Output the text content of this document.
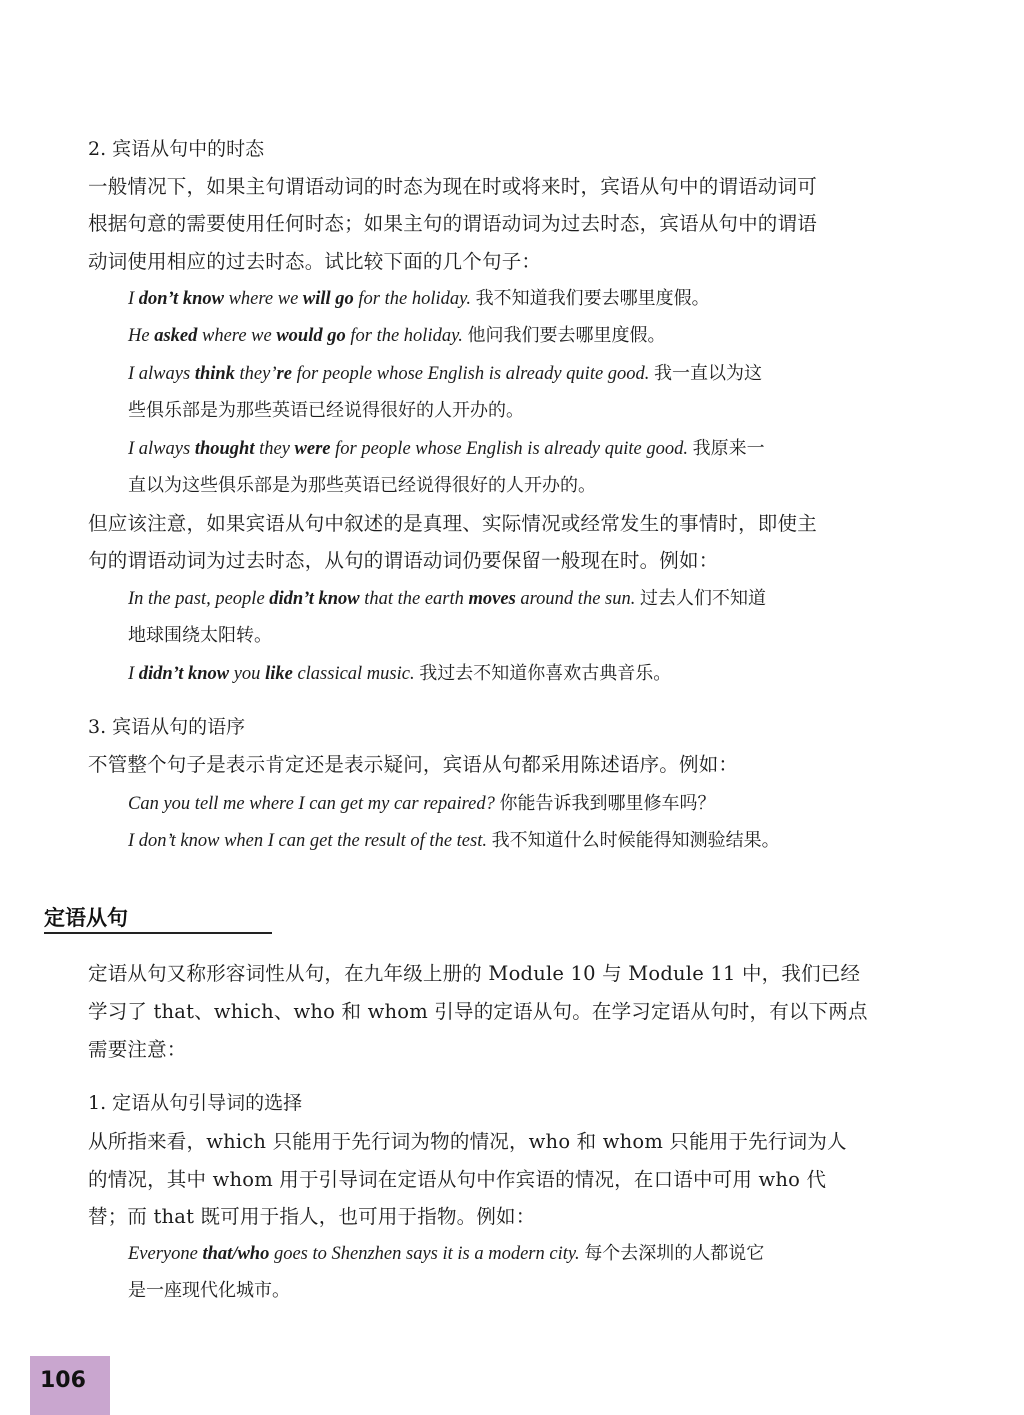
2. 宾语从句中的时态
一般情况下，如果主句谓语动词的时态为现在时或将来时，宾语从句中的谓语动词可
根据句意的需要使用任何时态；如果主句的谓语动词为过去时态，宾语从句中的谓语
动词使用相应的过去时态。试比较下面的几个句子：
I don’t know where we will go for the holiday. 我不知道我们要去哪里度假。
He asked where we would go for the holiday. 他问我们要去哪里度假。
I always think they’re for people whose English is already quite good. 我一直以为这
些俱乐部是为那些英语已经说得很好的人开办的。
I always thought they were for people whose English is already quite good. 我原来一
直以为这些俱乐部是为那些英语已经说得很好的人开办的。
但应该注意，如果宾语从句中叙述的是真理、实际情况或经常发生的事情时，即使主
句的谓语动词为过去时态，从句的谓语动词仍要保留一般现在时。例如：
In the past, people didn’t know that the earth moves around the sun. 过去人们不知道
地球围绕太阳转。
I didn’t know you like classical music. 我过去不知道你喜欢古典音乐。
3. 宾语从句的语序
不管整个句子是表示肯定还是表示疑问，宾语从句都采用陈述语序。例如：
Can you tell me where I can get my car repaired? 你能告诉我到哪里修车吗？
I don’t know when I can get the result of the test. 我不知道什么时候能得知测验结果。
定语从句
定语从句又称形容词性从句，在九年级上册的 Module 10 与 Module 11 中，我们已经
学习了 that、which、who 和 whom 引导的定语从句。在学习定语从句时，有以下两点
需要注意：
1. 定语从句引导词的选择
从所指来看，which 只能用于先行词为物的情况，who 和 whom 只能用于先行词为人
的情况，其中 whom 用于引导词在定语从句中作宾语的情况，在口语中可用 who 代
替；而 that 既可用于指人，也可用于指物。例如：
Everyone that/who goes to Shenzhen says it is a modern city. 每个去深圳的人都说它
是一座现代化城市。
106
